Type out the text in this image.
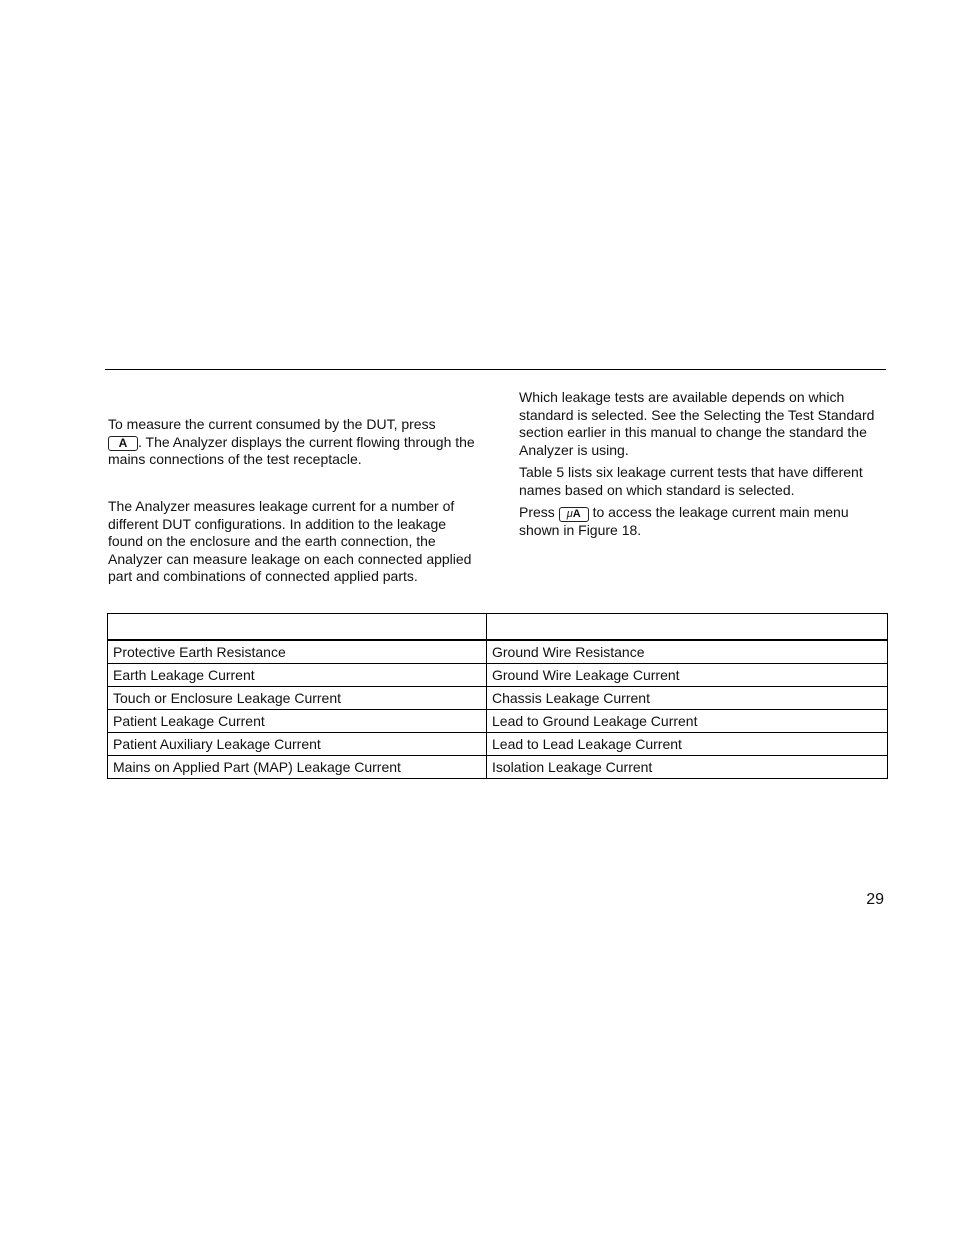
To measure the current consumed by the DUT, press
A . The Analyzer displays the current flowing through the mains connections of the test receptacle.

The Analyzer measures leakage current for a number of different DUT configurations. In addition to the leakage found on the enclosure and the earth connection, the Analyzer can measure leakage on each connected applied part and combinations of connected applied parts.

Which leakage tests are available depends on which standard is selected. See the Selecting the Test Standard section earlier in this manual to change the standard the Analyzer is using.

Table 5 lists six leakage current tests that have different names based on which standard is selected.

Press μA to access the leakage current main menu shown in Figure 18.

Protective Earth Resistance	Ground Wire Resistance
Earth Leakage Current	Ground Wire Leakage Current
Touch or Enclosure Leakage Current	Chassis Leakage Current
Patient Leakage Current	Lead to Ground Leakage Current
Patient Auxiliary Leakage Current	Lead to Lead Leakage Current
Mains on Applied Part (MAP) Leakage Current	Isolation Leakage Current
29
